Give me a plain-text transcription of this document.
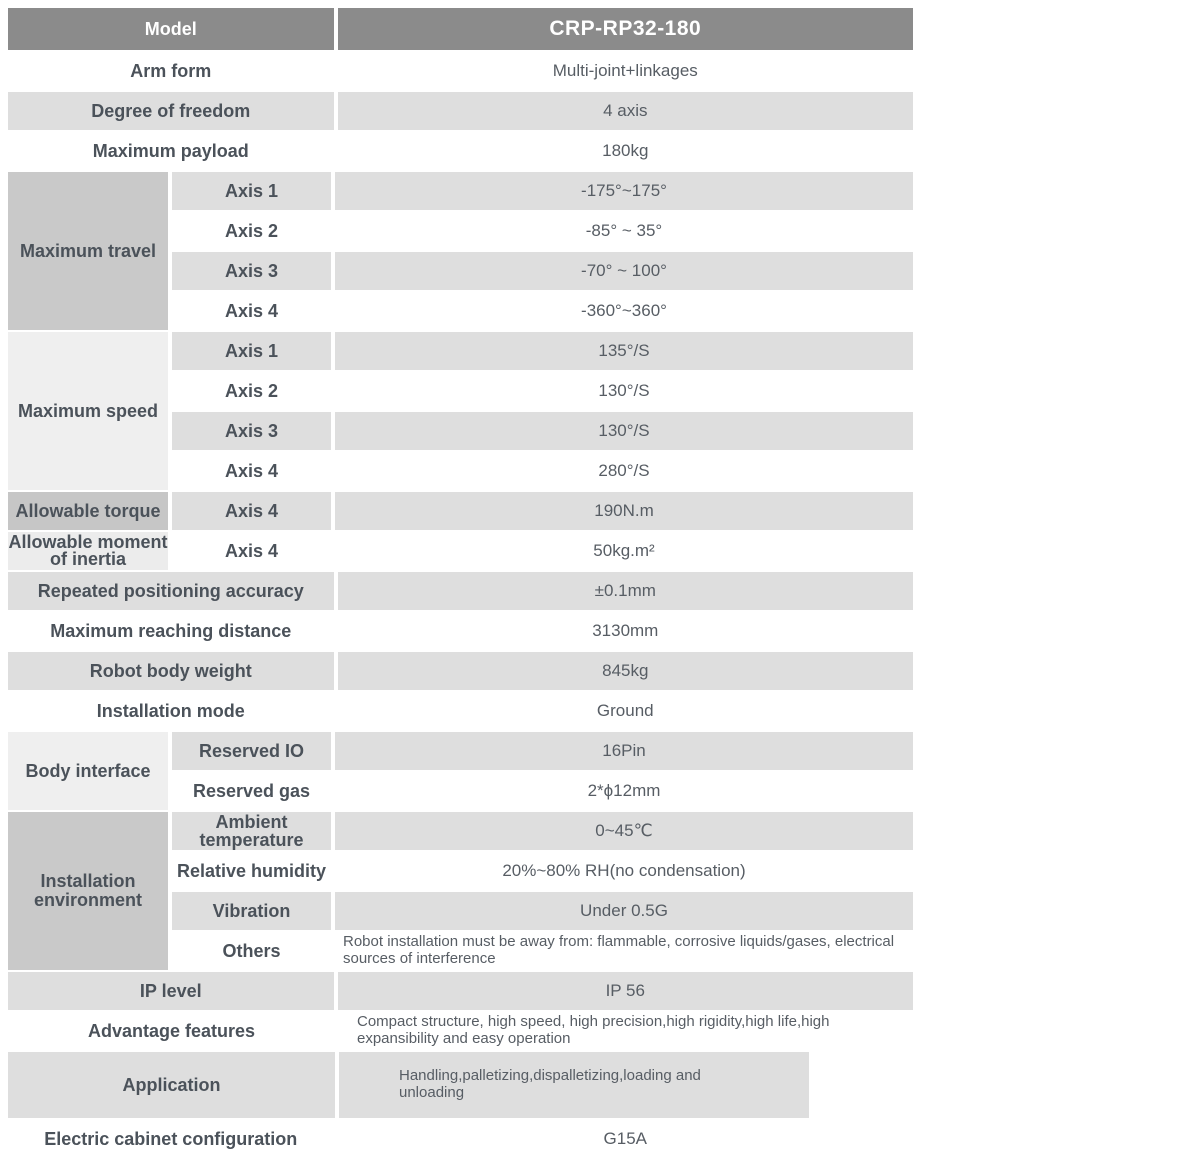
Model	CRP-RP32-180
Arm form	Multi-joint+linkages
Degree of freedom	4 axis
Maximum payload	180kg
Maximum travel
Axis 1	-175°~175°
Axis 2	-85° ~ 35°
Axis 3	-70° ~ 100°
Axis 4	-360°~360°
Maximum speed
Axis 1	135°/S
Axis 2	130°/S
Axis 3	130°/S
Axis 4	280°/S
Allowable torque	Axis 4	190N.m
Allowable moment of inertia	Axis 4	50kg.m²
Repeated positioning accuracy	±0.1mm
Maximum reaching distance	3130mm
Robot body weight	845kg
Installation mode	Ground
Body interface
Reserved IO	16Pin
Reserved gas	2*ϕ12mm
Installation environment
Ambient temperature	0~45℃
Relative humidity	20%~80% RH(no condensation)
Vibration	Under 0.5G
Others	Robot installation must be away from: flammable, corrosive liquids/gases, electrical sources of interference
IP level	IP 56
Advantage features	Compact structure, high speed, high precision,high rigidity,high life,high expansibility and easy operation
Application	Handling,palletizing,dispalletizing,loading and unloading
Electric cabinet configuration	G15A
